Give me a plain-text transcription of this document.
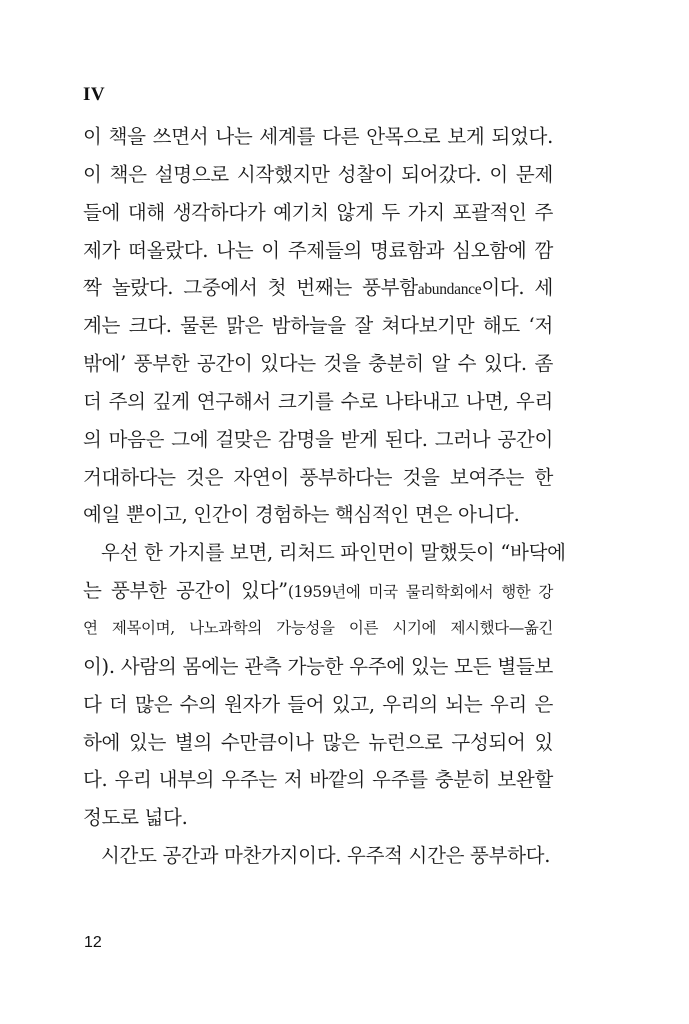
IV
이 책을 쓰면서 나는 세계를 다른 안목으로 보게 되었다.
이 책은 설명으로 시작했지만 성찰이 되어갔다. 이 문제
들에 대해 생각하다가 예기치 않게 두 가지 포괄적인 주
제가 떠올랐다. 나는 이 주제들의 명료함과 심오함에 깜
짝 놀랐다. 그중에서 첫 번째는 풍부함abundance이다. 세
계는 크다. 물론 맑은 밤하늘을 잘 쳐다보기만 해도 ‘저
밖에’ 풍부한 공간이 있다는 것을 충분히 알 수 있다. 좀
더 주의 깊게 연구해서 크기를 수로 나타내고 나면, 우리
의 마음은 그에 걸맞은 감명을 받게 된다. 그러나 공간이
거대하다는 것은 자연이 풍부하다는 것을 보여주는 한
예일 뿐이고, 인간이 경험하는 핵심적인 면은 아니다.
우선 한 가지를 보면, 리처드 파인먼이 말했듯이 “바닥에
는 풍부한 공간이 있다”(1959년에 미국 물리학회에서 행한 강
연 제목이며, 나노과학의 가능성을 이른 시기에 제시했다—옮긴
이). 사람의 몸에는 관측 가능한 우주에 있는 모든 별들보
다 더 많은 수의 원자가 들어 있고, 우리의 뇌는 우리 은
하에 있는 별의 수만큼이나 많은 뉴런으로 구성되어 있
다. 우리 내부의 우주는 저 바깥의 우주를 충분히 보완할
정도로 넓다.
시간도 공간과 마찬가지이다. 우주적 시간은 풍부하다.
12
